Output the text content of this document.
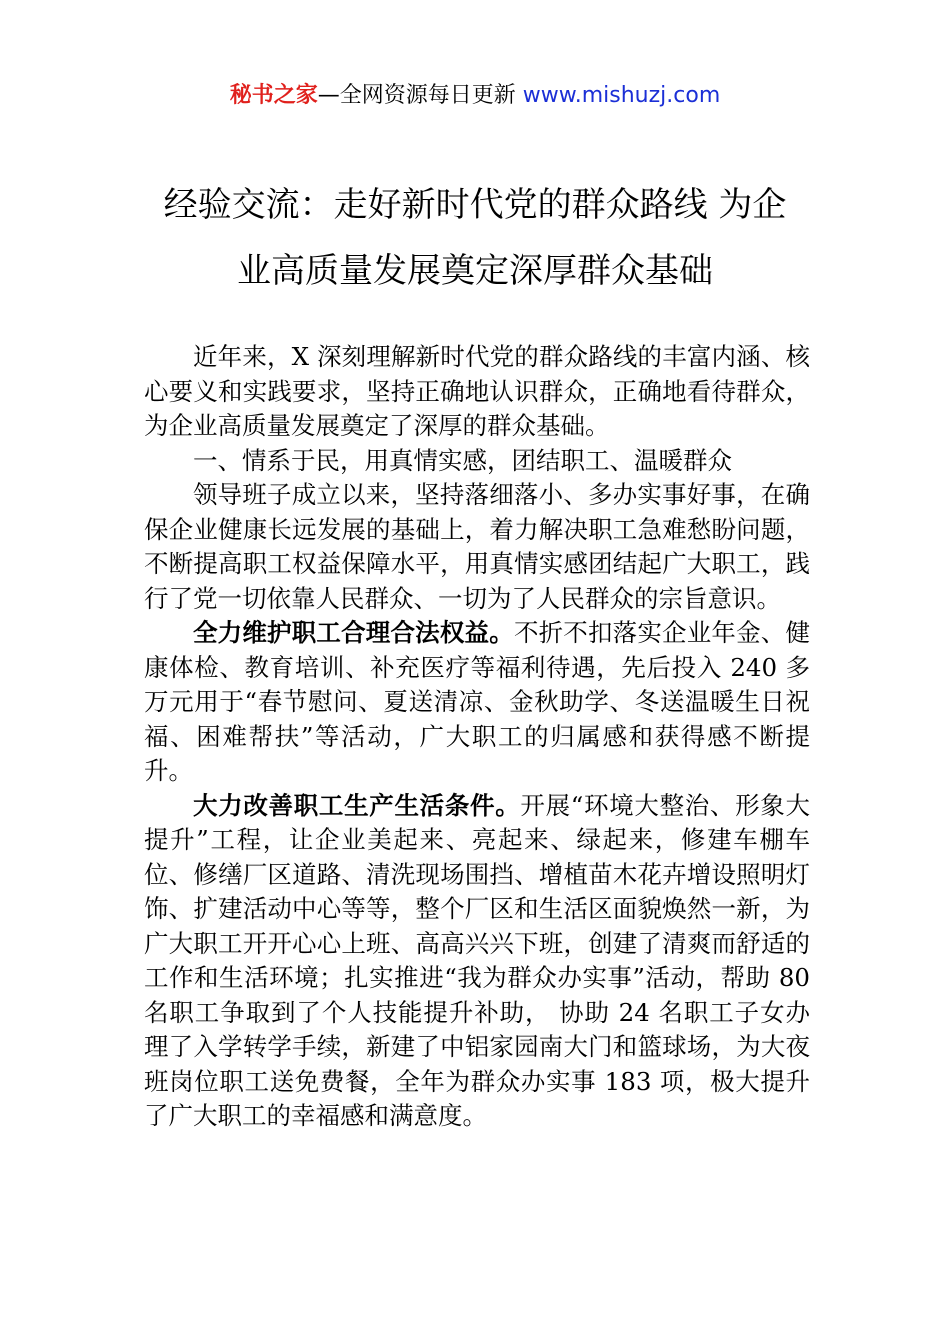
秘书之家—全网资源每日更新 www.mishuzj.com
经验交流：走好新时代党的群众路线 为企
业高质量发展奠定深厚群众基础

近年来，X 深刻理解新时代党的群众路线的丰富内涵、核心要义和实践要求，坚持正确地认识群众，正确地看待群众，为企业高质量发展奠定了深厚的群众基础。

一、情系于民，用真情实感，团结职工、温暖群众

领导班子成立以来，坚持落细落小、多办实事好事，在确保企业健康长远发展的基础上，着力解决职工急难愁盼问题，不断提高职工权益保障水平，用真情实感团结起广大职工，践行了党一切依靠人民群众、一切为了人民群众的宗旨意识。

全力维护职工合理合法权益。不折不扣落实企业年金、健康体检、教育培训、补充医疗等福利待遇，先后投入 240 多万元用于“春节慰问、夏送清凉、金秋助学、冬送温暖生日祝福、困难帮扶”等活动，广大职工的归属感和获得感不断提升。

大力改善职工生产生活条件。开展“环境大整治、形象大提升”工程，让企业美起来、亮起来、绿起来，修建车棚车位、修缮厂区道路、清洗现场围挡、增植苗木花卉增设照明灯饰、扩建活动中心等等，整个厂区和生活区面貌焕然一新，为广大职工开开心心上班、高高兴兴下班，创建了清爽而舒适的工作和生活环境；扎实推进“我为群众办实事”活动，帮助 80 名职工争取到了个人技能提升补助， 协助 24 名职工子女办理了入学转学手续，新建了中铝家园南大门和篮球场，为大夜班岗位职工送免费餐，全年为群众办实事 183 项，极大提升了广大职工的幸福感和满意度。
